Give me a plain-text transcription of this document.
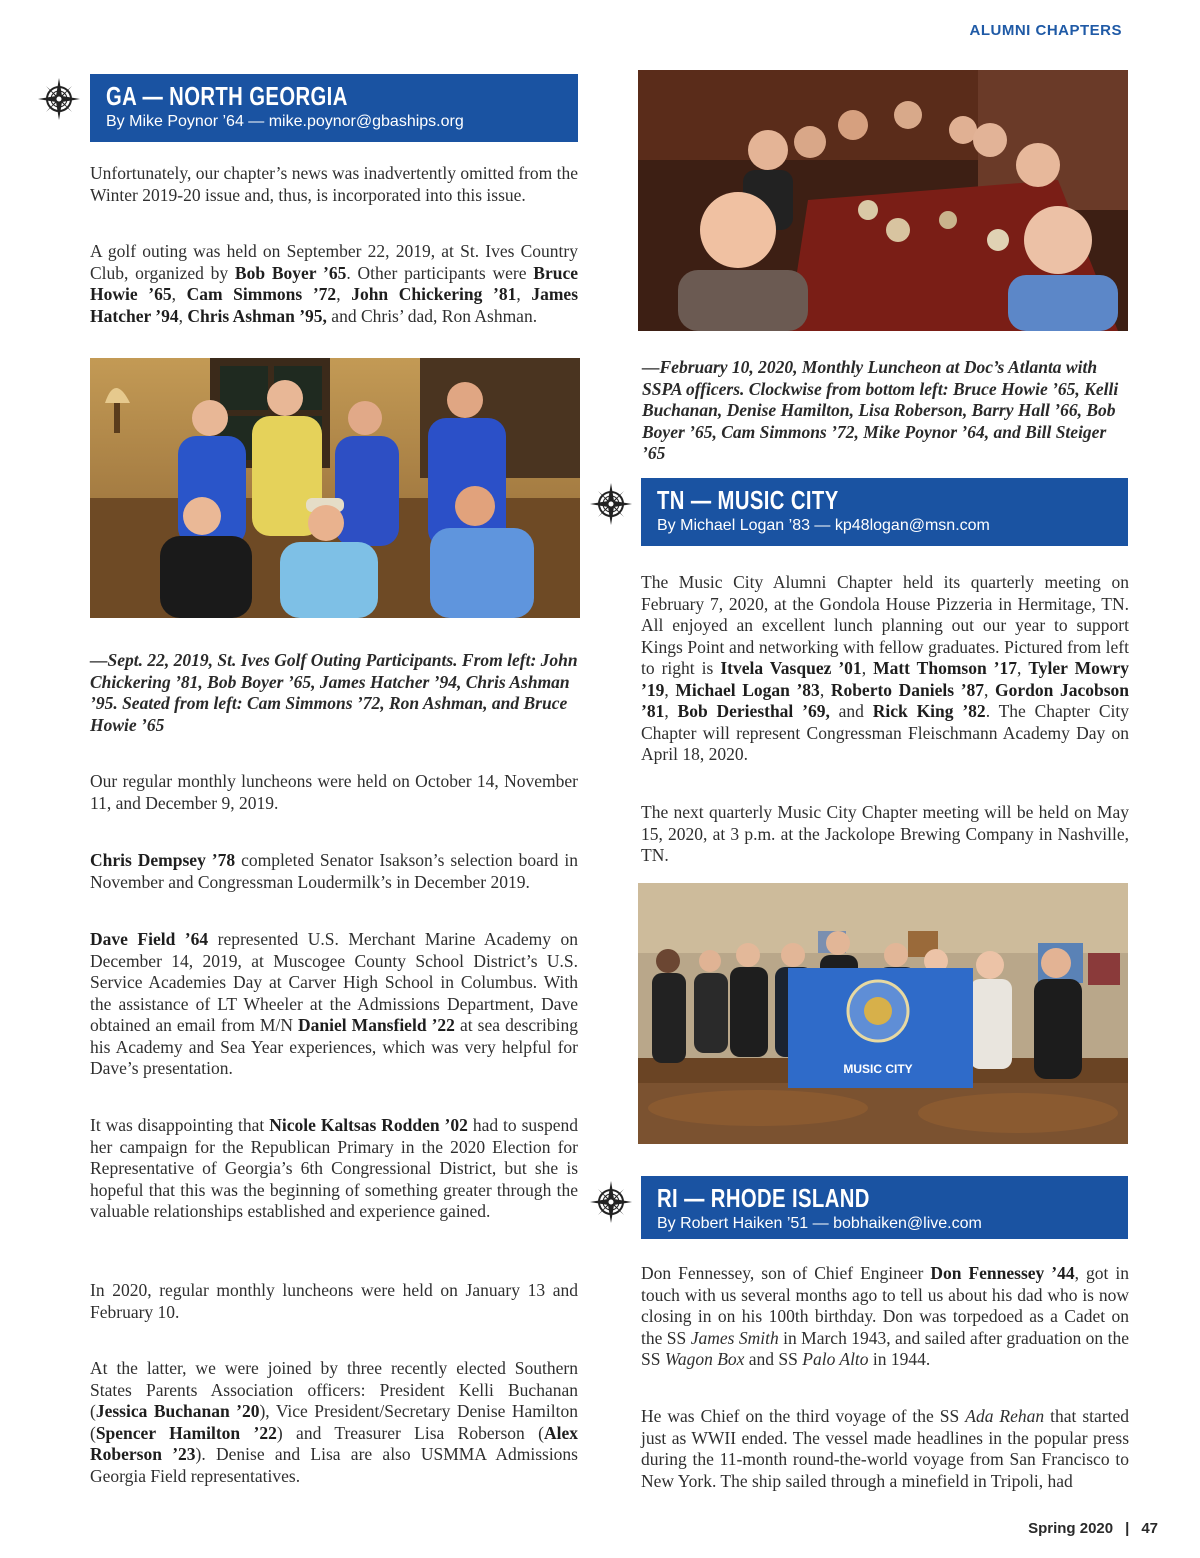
ALUMNI CHAPTERS
GA — NORTH GEORGIA
By Mike Poynor ’64 — mike.poynor@gbaships.org

Unfortunately, our chapter’s news was inadvertently omitted from the Winter 2019-20 issue and, thus, is incorporated into this issue.

A golf outing was held on September 22, 2019, at St. Ives Country Club, organized by Bob Boyer ’65. Other participants were Bruce Howie ’65, Cam Simmons ’72, John Chickering ’81, James Hatcher ’94, Chris Ashman ’95, and Chris’ dad, Ron Ashman.

—Sept. 22, 2019, St. Ives Golf Outing Participants. From left: John Chickering ’81, Bob Boyer ’65, James Hatcher ’94, Chris Ashman ’95. Seated from left: Cam Simmons ’72, Ron Ashman, and Bruce Howie ’65

Our regular monthly luncheons were held on October 14, November 11, and December 9, 2019.

Chris Dempsey ’78 completed Senator Isakson’s selection board in November and Congressman Loudermilk’s in December 2019.

Dave Field ’64 represented U.S. Merchant Marine Academy on December 14, 2019, at Muscogee County School District’s U.S. Service Academies Day at Carver High School in Columbus. With the assistance of LT Wheeler at the Admissions Department, Dave obtained an email from M/N Daniel Mansfield ’22 at sea describing his Academy and Sea Year experiences, which was very helpful for Dave’s presentation.

It was disappointing that Nicole Kaltsas Rodden ’02 had to suspend her campaign for the Republican Primary in the 2020 Election for Representative of Georgia’s 6th Congressional District, but she is hopeful that this was the beginning of something greater through the valuable relationships established and experience gained.

In 2020, regular monthly luncheons were held on January 13 and February 10.

At the latter, we were joined by three recently elected Southern States Parents Association officers: President Kelli Buchanan (Jessica Buchanan ’20), Vice President/Secretary Denise Hamilton (Spencer Hamilton ’22) and Treasurer Lisa Roberson (Alex Roberson ’23). Denise and Lisa are also USMMA Admissions Georgia Field representatives.

—February 10, 2020, Monthly Luncheon at Doc’s Atlanta with SSPA officers. Clockwise from bottom left: Bruce Howie ’65, Kelli Buchanan, Denise Hamilton, Lisa Roberson, Barry Hall ’66, Bob Boyer ’65, Cam Simmons ’72, Mike Poynor ’64, and Bill Steiger ’65

TN — MUSIC CITY
By Michael Logan ’83 — kp48logan@msn.com

The Music City Alumni Chapter held its quarterly meeting on February 7, 2020, at the Gondola House Pizzeria in Hermitage, TN. All enjoyed an excellent lunch planning out our year to support Kings Point and networking with fellow graduates. Pictured from left to right is Itvela Vasquez ’01, Matt Thomson ’17, Tyler Mowry ’19, Michael Logan ’83, Roberto Daniels ’87, Gordon Jacobson ’81, Bob Deriesthal ’69, and Rick King ’82. The Chapter City Chapter will represent Congressman Fleischmann Academy Day on April 18, 2020.

The next quarterly Music City Chapter meeting will be held on May 15, 2020, at 3 p.m. at the Jackolope Brewing Company in Nashville, TN.

MUSIC CITY
RI — RHODE ISLAND
By Robert Haiken ’51 — bobhaiken@live.com

Don Fennessey, son of Chief Engineer Don Fennessey ’44, got in touch with us several months ago to tell us about his dad who is now closing in on his 100th birthday. Don was torpedoed as a Cadet on the SS James Smith in March 1943, and sailed after graduation on the SS Wagon Box and SS Palo Alto in 1944.

He was Chief on the third voyage of the SS Ada Rehan that started just as WWII ended. The vessel made headlines in the popular press during the 11-month round-the-world voyage from San Francisco to New York. The ship sailed through a minefield in Tripoli, had

Spring 2020 | 47
